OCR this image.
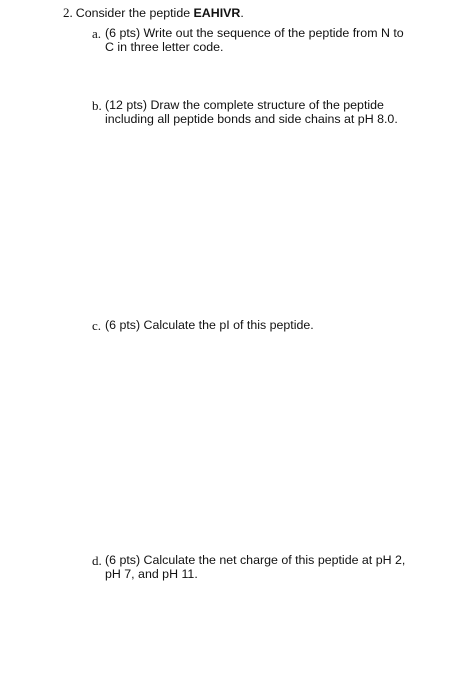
2. Consider the peptide EAHIVR.
a. (6 pts) Write out the sequence of the peptide from N to C in three letter code.
b. (12 pts) Draw the complete structure of the peptide including all peptide bonds and side chains at pH 8.0.
c. (6 pts) Calculate the pI of this peptide.
d. (6 pts) Calculate the net charge of this peptide at pH 2, pH 7, and pH 11.
